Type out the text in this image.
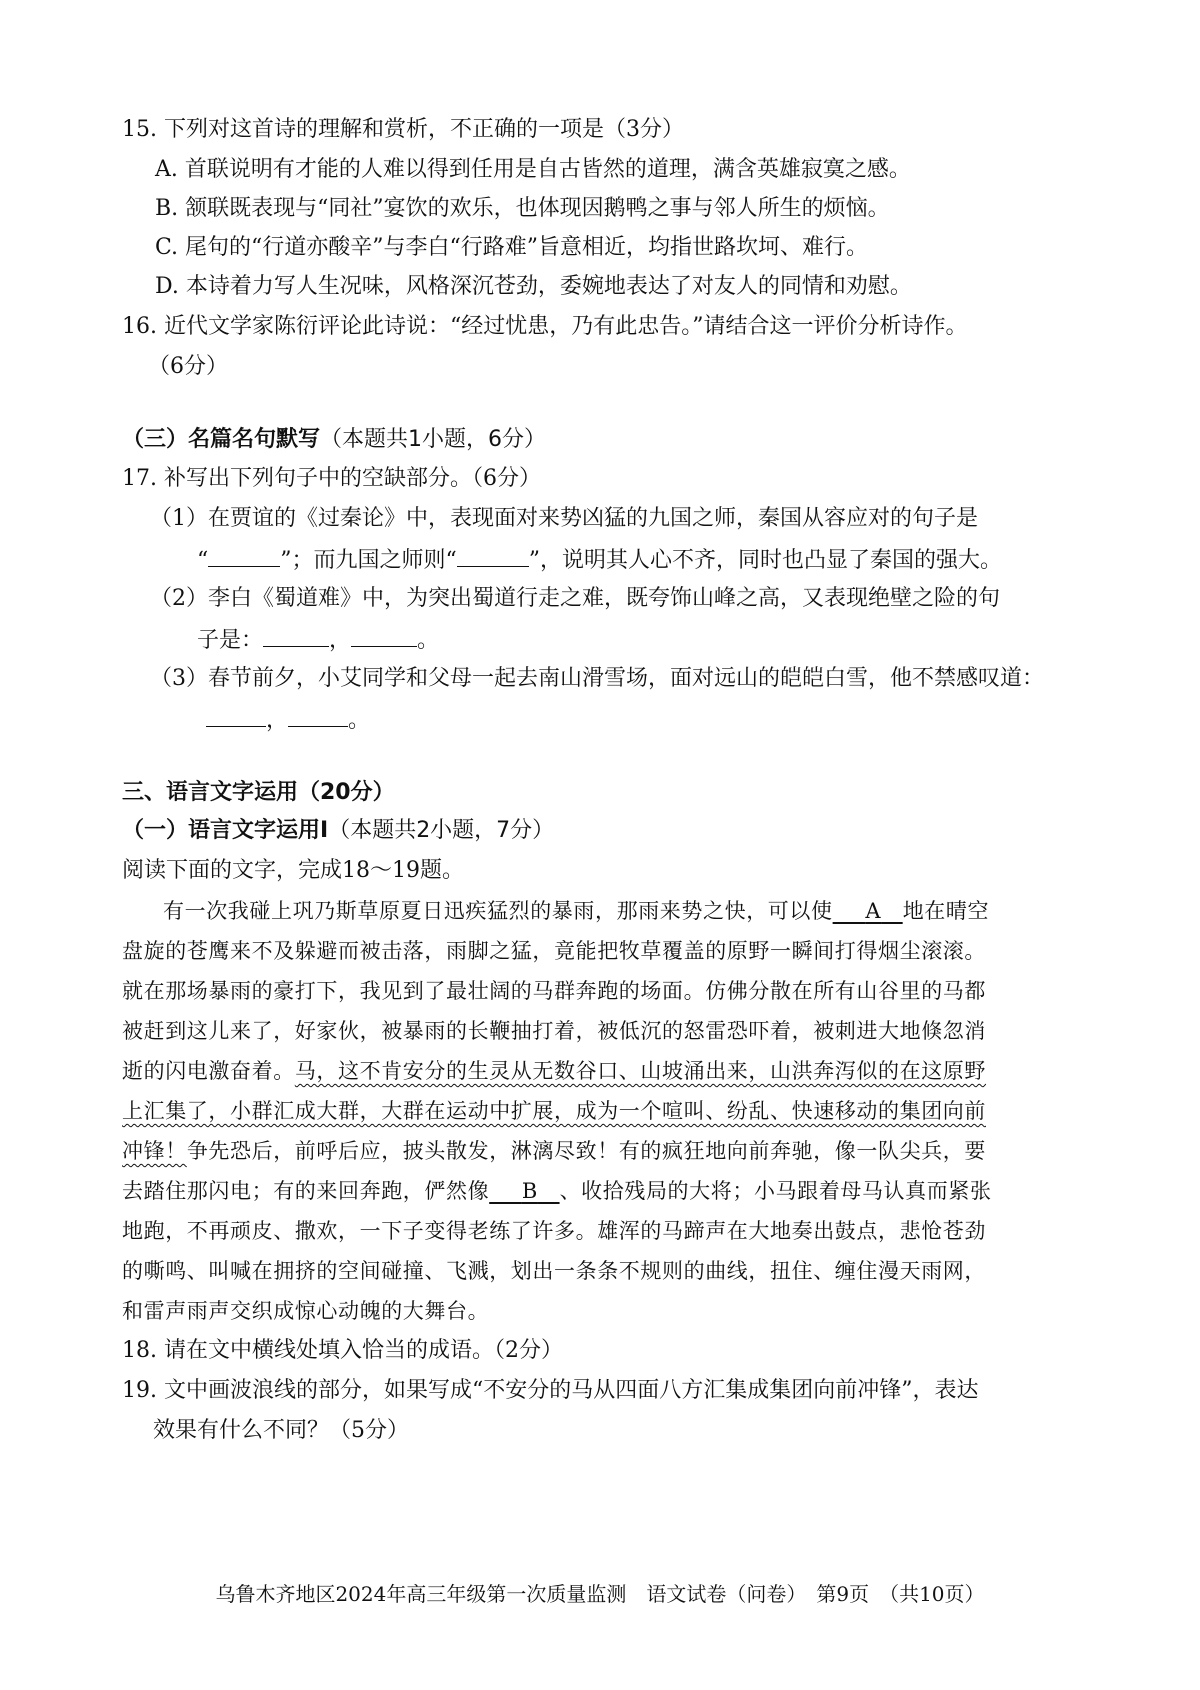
15. 下列对这首诗的理解和赏析，不正确的一项是（3分）
A. 首联说明有才能的人难以得到任用是自古皆然的道理，满含英雄寂寞之感。
B. 颔联既表现与“同社”宴饮的欢乐，也体现因鹅鸭之事与邻人所生的烦恼。
C. 尾句的“行道亦酸辛”与李白“行路难”旨意相近，均指世路坎坷、难行。
D. 本诗着力写人生况味，风格深沉苍劲，委婉地表达了对友人的同情和劝慰。
16. 近代文学家陈衍评论此诗说：“经过忧患，乃有此忠告。”请结合这一评价分析诗作。
（6分）
（三）名篇名句默写（本题共1小题，6分）
17. 补写出下列句子中的空缺部分。（6分）
（1）在贾谊的《过秦论》中，表现面对来势凶猛的九国之师，秦国从容应对的句子是
“	”；而九国之师则“	”，说明其人心不齐，同时也凸显了秦国的强大。
（2）李白《蜀道难》中，为突出蜀道行走之难，既夸饰山峰之高，又表现绝壁之险的句
子是：	，	。
（3）春节前夕，小艾同学和父母一起去南山滑雪场，面对远山的皑皑白雪，他不禁感叹道：
，	。
三、语言文字运用（20分）
（一）语言文字运用Ⅰ（本题共2小题，7分）
阅读下面的文字，完成18～19题。
有一次我碰上巩乃斯草原夏日迅疾猛烈的暴雨，那雨来势之快，可以使   A  地在晴空
盘旋的苍鹰来不及躲避而被击落，雨脚之猛，竟能把牧草覆盖的原野一瞬间打得烟尘滚滚。
就在那场暴雨的豪打下，我见到了最壮阔的马群奔跑的场面。仿佛分散在所有山谷里的马都
被赶到这儿来了，好家伙，被暴雨的长鞭抽打着，被低沉的怒雷恐吓着，被刺进大地倏忽消
逝的闪电激奋着。马，这不肯安分的生灵从无数谷口、山坡涌出来，山洪奔泻似的在这原野
上汇集了，小群汇成大群，大群在运动中扩展，成为一个喧叫、纷乱、快速移动的集团向前
冲锋！争先恐后，前呼后应，披头散发，淋漓尽致！有的疯狂地向前奔驰，像一队尖兵，要
去踏住那闪电；有的来回奔跑，俨然像   B  、收拾残局的大将；小马跟着母马认真而紧张
地跑，不再顽皮、撒欢，一下子变得老练了许多。雄浑的马蹄声在大地奏出鼓点，悲怆苍劲
的嘶鸣、叫喊在拥挤的空间碰撞、飞溅，划出一条条不规则的曲线，扭住、缠住漫天雨网，
和雷声雨声交织成惊心动魄的大舞台。
18. 请在文中横线处填入恰当的成语。（2分）
19. 文中画波浪线的部分，如果写成“不安分的马从四面八方汇集成集团向前冲锋”，表达
效果有什么不同？（5分）
乌鲁木齐地区2024年高三年级第一次质量监测　语文试卷（问卷）　第9页　（共10页）
